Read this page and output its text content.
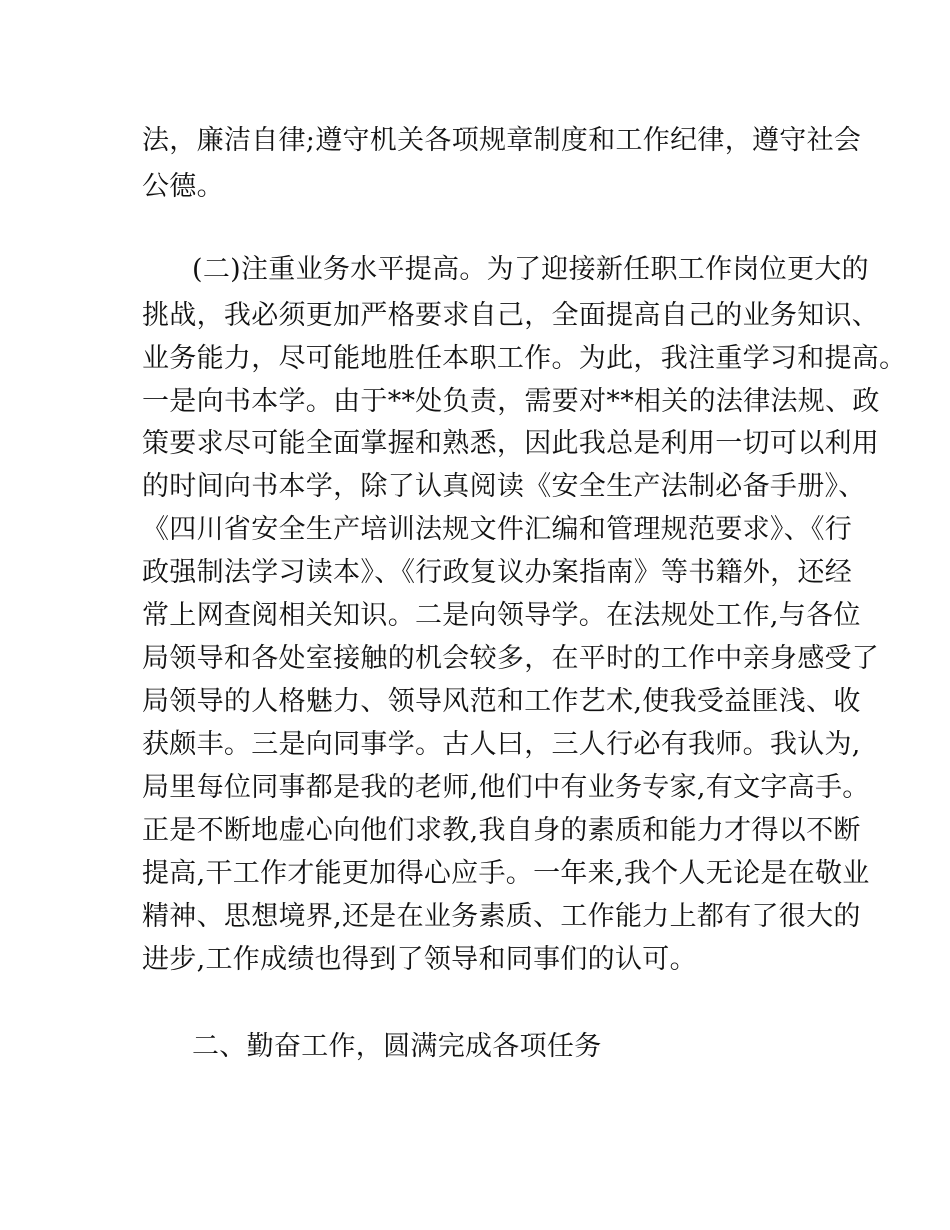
法，廉洁自律;遵守机关各项规章制度和工作纪律，遵守社会
公德。
(二)注重业务水平提高。为了迎接新任职工作岗位更大的
挑战，我必须更加严格要求自己，全面提高自己的业务知识、
业务能力，尽可能地胜任本职工作。为此，我注重学习和提高。
一是向书本学。由于**处负责，需要对**相关的法律法规、政
策要求尽可能全面掌握和熟悉，因此我总是利用一切可以利用
的时间向书本学，除了认真阅读《安全生产法制必备手册》、
《四川省安全生产培训法规文件汇编和管理规范要求》、《行
政强制法学习读本》、《行政复议办案指南》等书籍外，还经
常上网查阅相关知识。二是向领导学。在法规处工作,与各位
局领导和各处室接触的机会较多，在平时的工作中亲身感受了
局领导的人格魅力、领导风范和工作艺术,使我受益匪浅、收
获颇丰。三是向同事学。古人曰，三人行必有我师。我认为,
局里每位同事都是我的老师,他们中有业务专家,有文字高手。
正是不断地虚心向他们求教,我自身的素质和能力才得以不断
提高,干工作才能更加得心应手。一年来,我个人无论是在敬业
精神、思想境界,还是在业务素质、工作能力上都有了很大的
进步,工作成绩也得到了领导和同事们的认可。
二、勤奋工作，圆满完成各项任务
